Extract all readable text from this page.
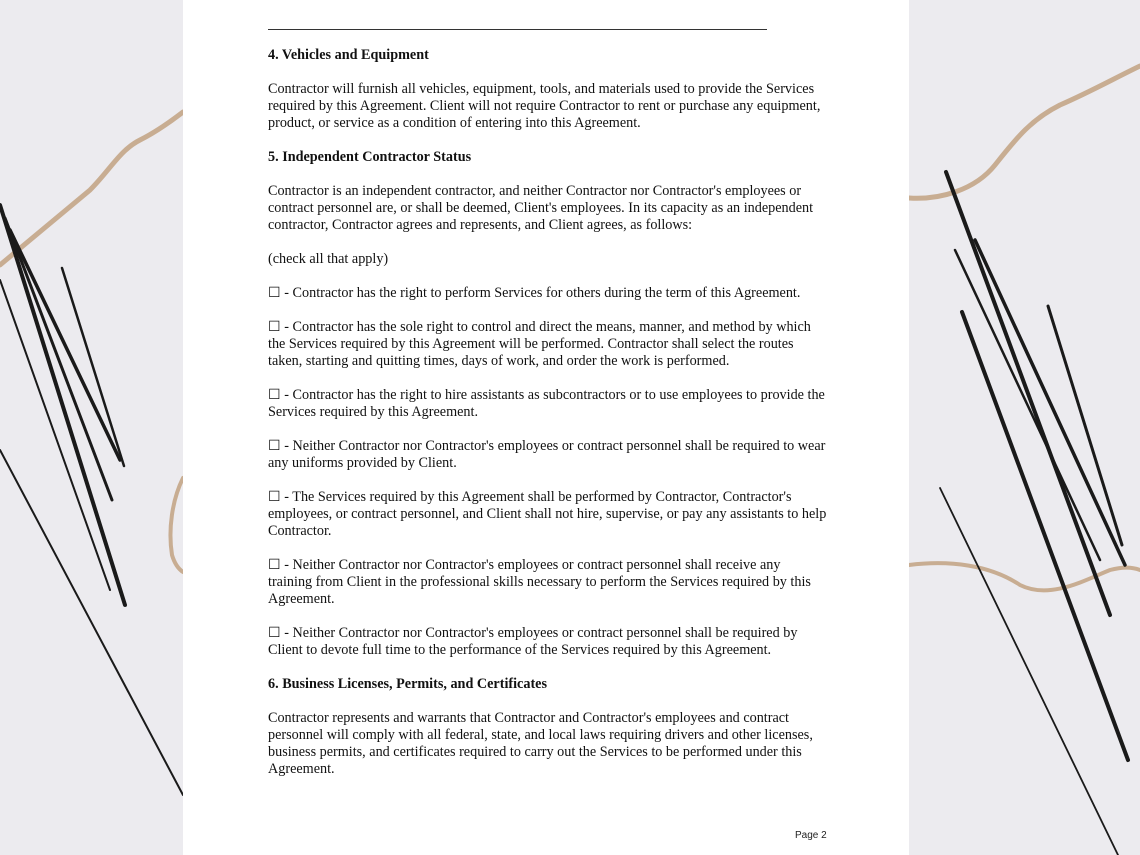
4. Vehicles and Equipment

Contractor will furnish all vehicles, equipment, tools, and materials used to provide the Services required by this Agreement. Client will not require Contractor to rent or purchase any equipment, product, or service as a condition of entering into this Agreement.

5. Independent Contractor Status

Contractor is an independent contractor, and neither Contractor nor Contractor's employees or contract personnel are, or shall be deemed, Client's employees. In its capacity as an independent contractor, Contractor agrees and represents, and Client agrees, as follows:

(check all that apply)

☐ - Contractor has the right to perform Services for others during the term of this Agreement.

☐ - Contractor has the sole right to control and direct the means, manner, and method by which the Services required by this Agreement will be performed. Contractor shall select the routes taken, starting and quitting times, days of work, and order the work is performed.

☐ - Contractor has the right to hire assistants as subcontractors or to use employees to provide the Services required by this Agreement.

☐ - Neither Contractor nor Contractor's employees or contract personnel shall be required to wear any uniforms provided by Client.

☐ - The Services required by this Agreement shall be performed by Contractor, Contractor's employees, or contract personnel, and Client shall not hire, supervise, or pay any assistants to help Contractor.

☐ - Neither Contractor nor Contractor's employees or contract personnel shall receive any training from Client in the professional skills necessary to perform the Services required by this Agreement.

☐ - Neither Contractor nor Contractor's employees or contract personnel shall be required by Client to devote full time to the performance of the Services required by this Agreement.

6. Business Licenses, Permits, and Certificates

Contractor represents and warrants that Contractor and Contractor's employees and contract personnel will comply with all federal, state, and local laws requiring drivers and other licenses, business permits, and certificates required to carry out the Services to be performed under this Agreement.

Page 2
